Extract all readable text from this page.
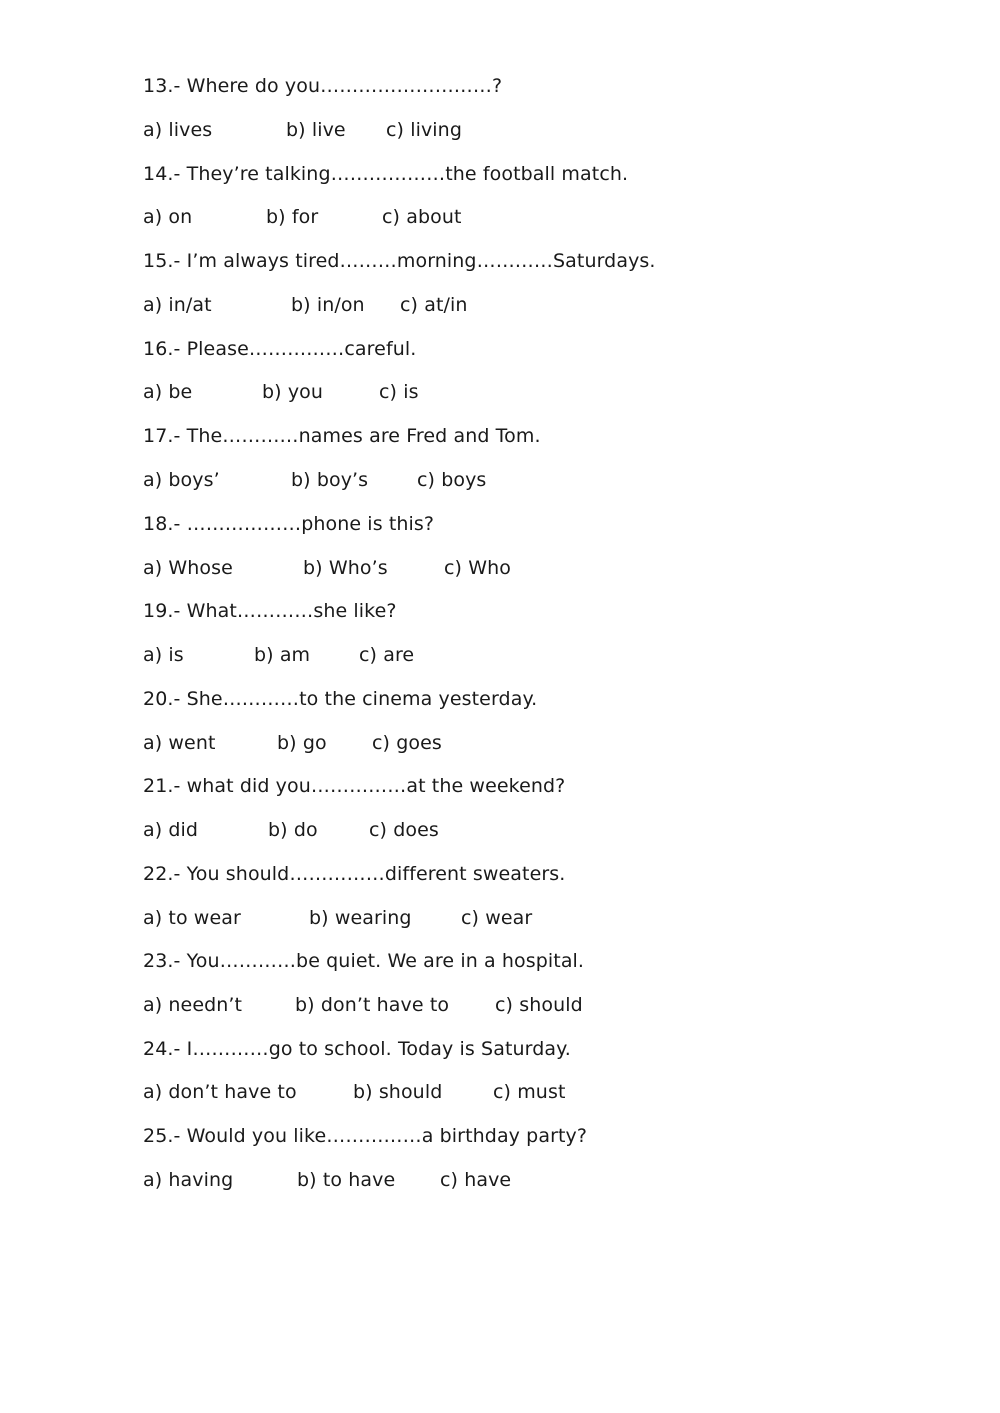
13.- Where do you………………………?
a) lives	b) live c) living
14.- They’re talking………………the football match.
a) on	b) for	c) about
15.- I’m always tired………morning…………Saturdays.
a) in/at	b) in/on c) at/in
16.- Please……………careful.
a) be	b) you	c) is
17.- The…………names are Fred and Tom.
a) boys’	b) boy’s	c) boys
18.- ………………phone is this?
a) Whose	b) Who’s	c) Who
19.- What…………she like?
a) is	b) am	c) are
20.- She…………to the cinema yesterday.
a) went	b) go c) goes
21.- what did you……………at the weekend?
a) did	b) do	c) does
22.- You should……………different sweaters.
a) to wear	b) wearing	c) wear
23.- You…………be quiet. We are in a hospital.
a) needn’t	b) don’t have to c) should
24.- I…………go to school. Today is Saturday.
a) don’t have to	b) should	c) must
25.- Would you like……………a birthday party?
a) having	b) to have c) have
